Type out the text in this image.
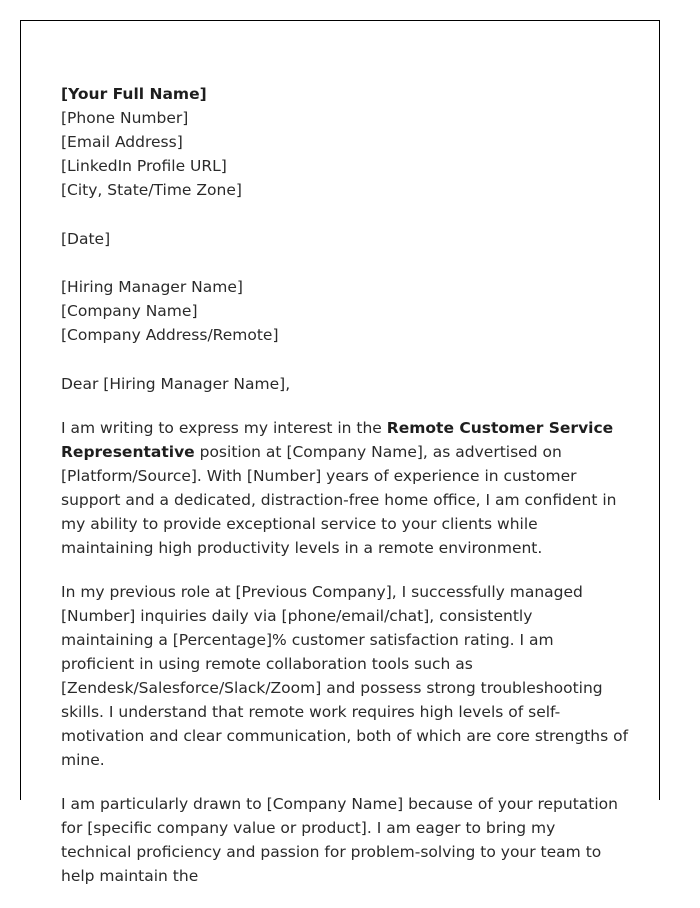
[Your Full Name]
[Phone Number]
[Email Address]
[LinkedIn Profile URL]
[City, State/Time Zone]
[Date]
[Hiring Manager Name]
[Company Name]
[Company Address/Remote]

Dear [Hiring Manager Name],

I am writing to express my interest in the Remote Customer Service Representative position at [Company Name], as advertised on [Platform/Source]. With [Number] years of experience in customer support and a dedicated, distraction-free home office, I am confident in my ability to provide exceptional service to your clients while maintaining high productivity levels in a remote environment.

In my previous role at [Previous Company], I successfully managed [Number] inquiries daily via [phone/email/chat], consistently maintaining a [Percentage]% customer satisfaction rating. I am proficient in using remote collaboration tools such as [Zendesk/Salesforce/Slack/Zoom] and possess strong troubleshooting skills. I understand that remote work requires high levels of self-motivation and clear communication, both of which are core strengths of mine.

I am particularly drawn to [Company Name] because of your reputation for [specific company value or product]. I am eager to bring my technical proficiency and passion for problem-solving to your team to help maintain the
